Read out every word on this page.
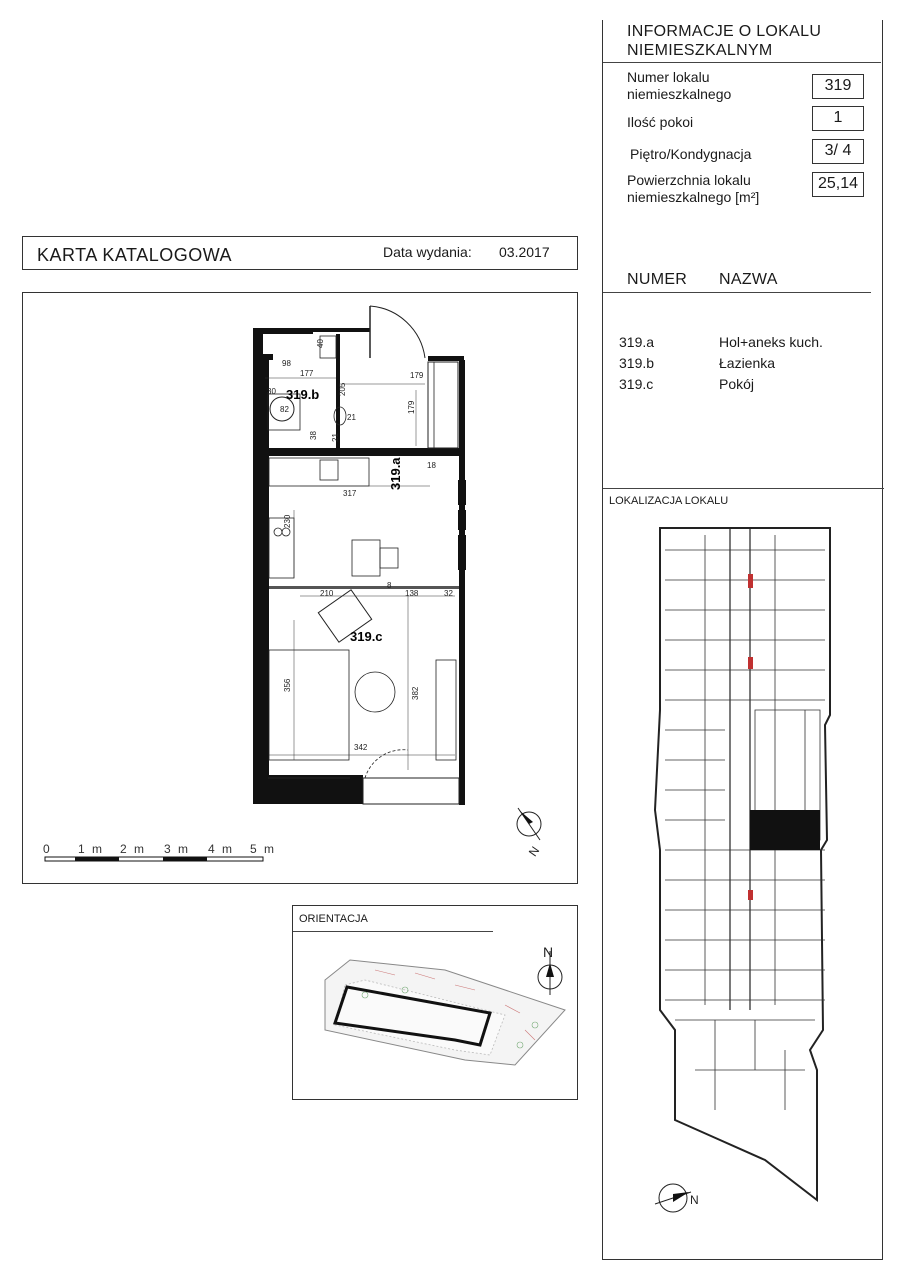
INFORMACJE O LOKALU
NIEMIESZKALNYM
Numer lokalu
niemieszkalnego	319
Ilość pokoi	1
Piętro/Kondygnacja	3/ 4
Powierzchnia lokalu
niemieszkalnego [m²]
25,14
NUMER NAZWA
319.a	Hol+aneks kuch.
319.b	Łazienka
319.c	Pokój
LOKALIZACJA LOKALU
N
KARTA KATALOGOWA	Data wydania: 03.2017
319.b
319.a
319.c
40
98
177
205
179
179
30
82
38
21
21
18
317
230
8
138
210	32
356
382
342
N
0 1 m 2 m 3 m 4 m 5 m
ORIENTACJA
N
